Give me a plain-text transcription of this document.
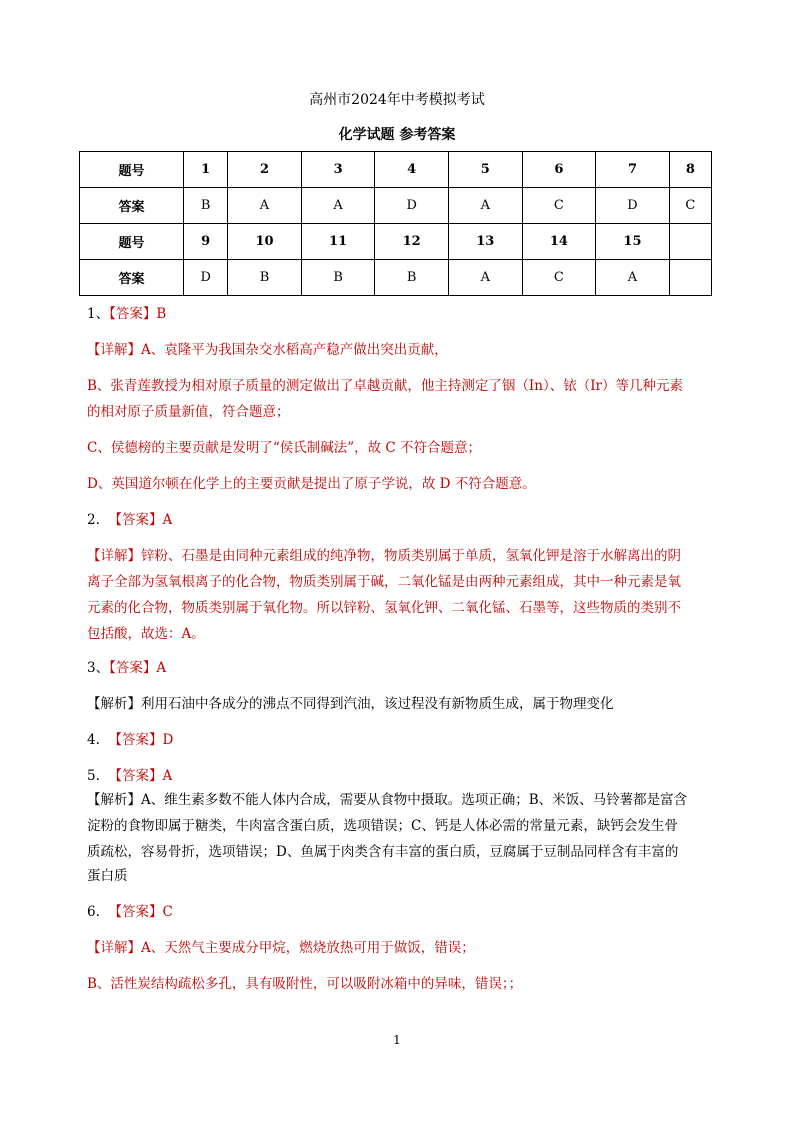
高州市2024年中考模拟考试
化学试题 参考答案
题号	1	2	3	4	5	6	7	8
答案	B	A	A	D	A	C	D	C
题号	9	10	11	12	13	14	15	
答案	D	B	B	B	A	C	A	
1、【答案】B
【详解】A、袁隆平为我国杂交水稻高产稳产做出突出贡献，
B、张青莲教授为相对原子质量的测定做出了卓越贡献，他主持测定了铟（In）、铱（Ir）等几种元素
的相对原子质量新值，符合题意；
C、侯德榜的主要贡献是发明了“侯氏制碱法”，故 C 不符合题意；
D、英国道尔顿在化学上的主要贡献是提出了原子学说，故 D 不符合题意。
2. 【答案】A
【详解】锌粉、石墨是由同种元素组成的纯净物，物质类别属于单质，氢氧化钾是溶于水解离出的阴
离子全部为氢氧根离子的化合物，物质类别属于碱，二氧化锰是由两种元素组成，其中一种元素是氧
元素的化合物，物质类别属于氧化物。所以锌粉、氢氧化钾、二氧化锰、石墨等，这些物质的类别不
包括酸，故选：A。
3、【答案】A
【解析】利用石油中各成分的沸点不同得到汽油，该过程没有新物质生成，属于物理变化
4. 【答案】D
5. 【答案】A
【解析】A、维生素多数不能人体内合成，需要从食物中摄取。选项正确；B、米饭、马铃薯都是富含
淀粉的食物即属于糖类，牛肉富含蛋白质，选项错误；C、钙是人体必需的常量元素，缺钙会发生骨
质疏松，容易骨折，选项错误；D、鱼属于肉类含有丰富的蛋白质，豆腐属于豆制品同样含有丰富的
蛋白质
6. 【答案】C
【详解】A、天然气主要成分甲烷，燃烧放热可用于做饭，错误；
B、活性炭结构疏松多孔，具有吸附性，可以吸附冰箱中的异味，错误；；
1
